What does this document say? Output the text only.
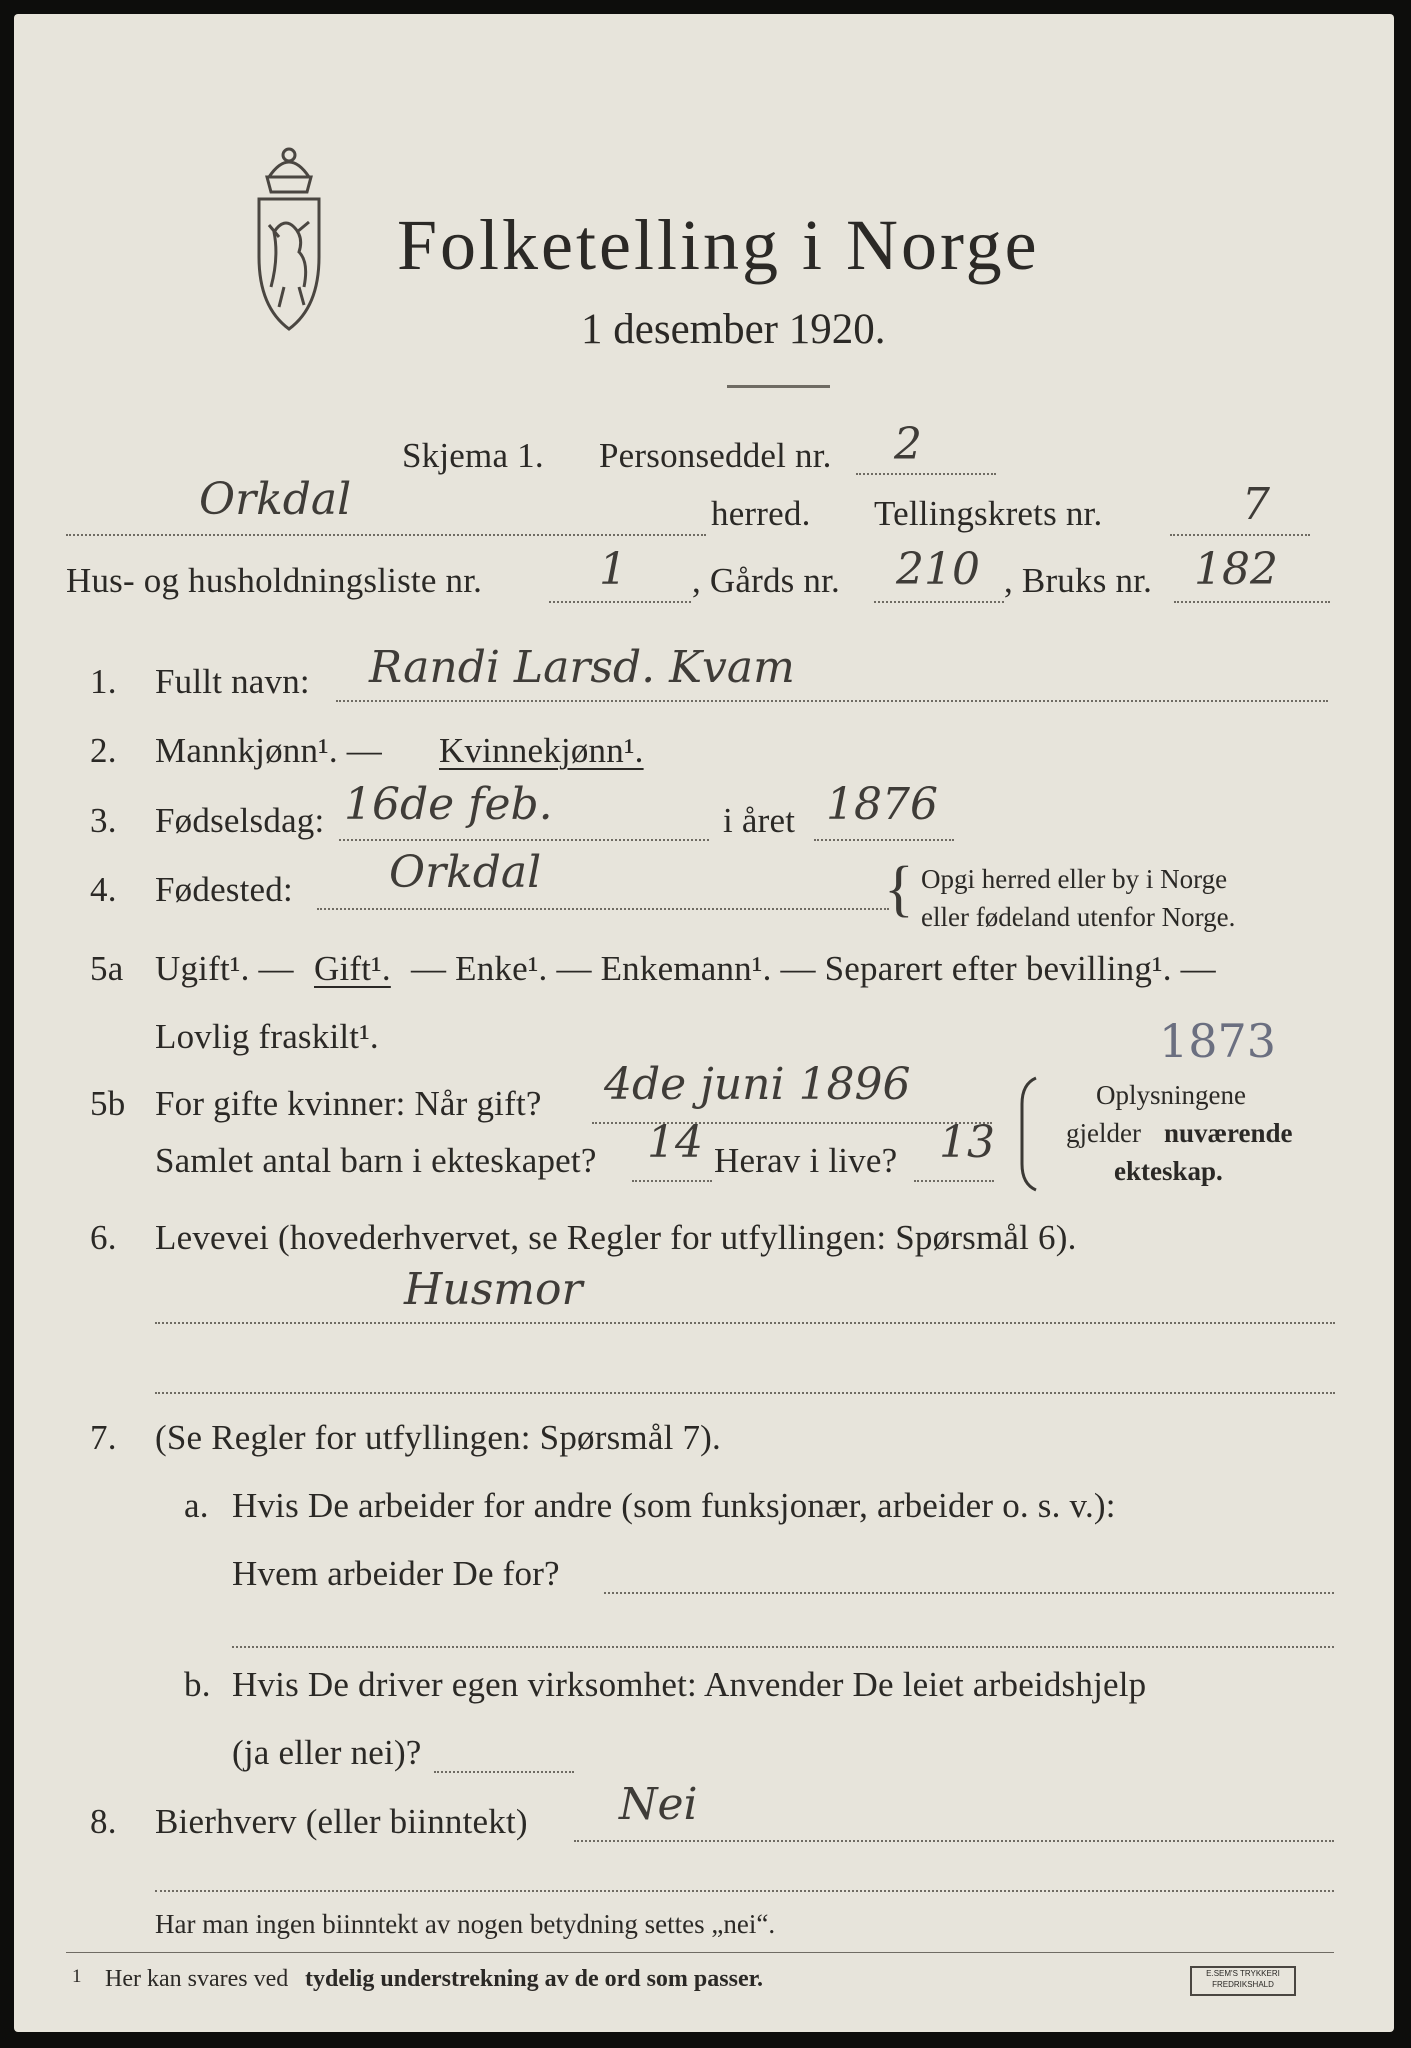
Folketelling i Norge
1 desember 1920.
Skjema 1. Personseddel nr. 2
Orkdal	herred. Tellingskrets nr.	7
Hus- og husholdningsliste nr.	1 , Gårds nr. 210 , Bruks nr. 182
1. Fullt navn: Randi Larsd. Kvam
2. Mannkjønn¹. — Kvinnekjønn¹.
3. Fødselsdag: 16de feb.	i året 1876
4. Fødested: Orkdal	{ Opgi herred eller by i Norge
eller fødeland utenfor Norge.
5a Ugift¹. — Gift¹. — Enke¹. — Enkemann¹. — Separert efter bevilling¹. —
Lovlig fraskilt¹.	1873
5b For gifte kvinner: Når gift? 4de juni 1896
Samlet antal barn i ekteskapet? 14 Herav i live? 13
Oplysningene
gjelder nuværende
ekteskap.
6. Levevei (hovederhvervet, se Regler for utfyllingen: Spørsmål 6).
Husmor
7. (Se Regler for utfyllingen: Spørsmål 7).
a. Hvis De arbeider for andre (som funksjonær, arbeider o. s. v.):
Hvem arbeider De for?
b. Hvis De driver egen virksomhet: Anvender De leiet arbeidshjelp
(ja eller nei)?
8. Bierhverv (eller biinntekt) Nei
Har man ingen biinntekt av nogen betydning settes „nei“.
1 Her kan svares ved tydelig understrekning av de ord som passer.	E.SEM'S TRYKKERI
FREDRIKSHALD
